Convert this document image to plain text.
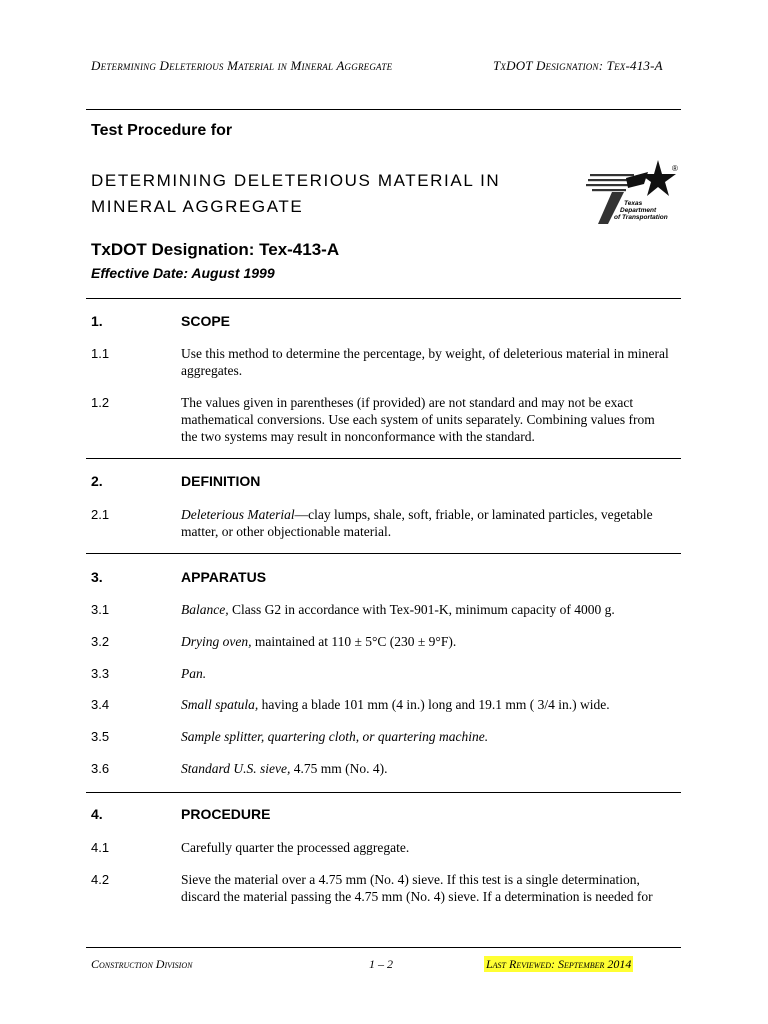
Determining Deleterious Material in Mineral Aggregate	TxDOT Designation: Tex-413-A
Test Procedure for
DETERMINING DELETERIOUS MATERIAL IN
MINERAL AGGREGATE
TxDOT Designation: Tex-413-A
Effective Date: August 1999
®
Texas
Department
of Transportation
1.	SCOPE
1.1	Use this method to determine the percentage, by weight, of deleterious material in mineral aggregates.
1.2	The values given in parentheses (if provided) are not standard and may not be exact mathematical conversions. Use each system of units separately. Combining values from the two systems may result in nonconformance with the standard.
2.	DEFINITION
2.1	Deleterious Material—clay lumps, shale, soft, friable, or laminated particles, vegetable matter, or other objectionable material.
3.	APPARATUS
3.1	Balance, Class G2 in accordance with Tex-901-K, minimum capacity of 4000 g.
3.2	Drying oven, maintained at 110 ± 5°C (230 ± 9°F).
3.3	Pan.
3.4	Small spatula, having a blade 101 mm (4 in.) long and 19.1 mm ( 3/4 in.) wide.
3.5	Sample splitter, quartering cloth, or quartering machine.
3.6	Standard U.S. sieve, 4.75 mm (No. 4).
4.	PROCEDURE
4.1	Carefully quarter the processed aggregate.
4.2	Sieve the material over a 4.75 mm (No. 4) sieve. If this test is a single determination, discard the material passing the 4.75 mm (No. 4) sieve. If a determination is needed for
Construction Division	1 – 2	Last Reviewed: September 2014
